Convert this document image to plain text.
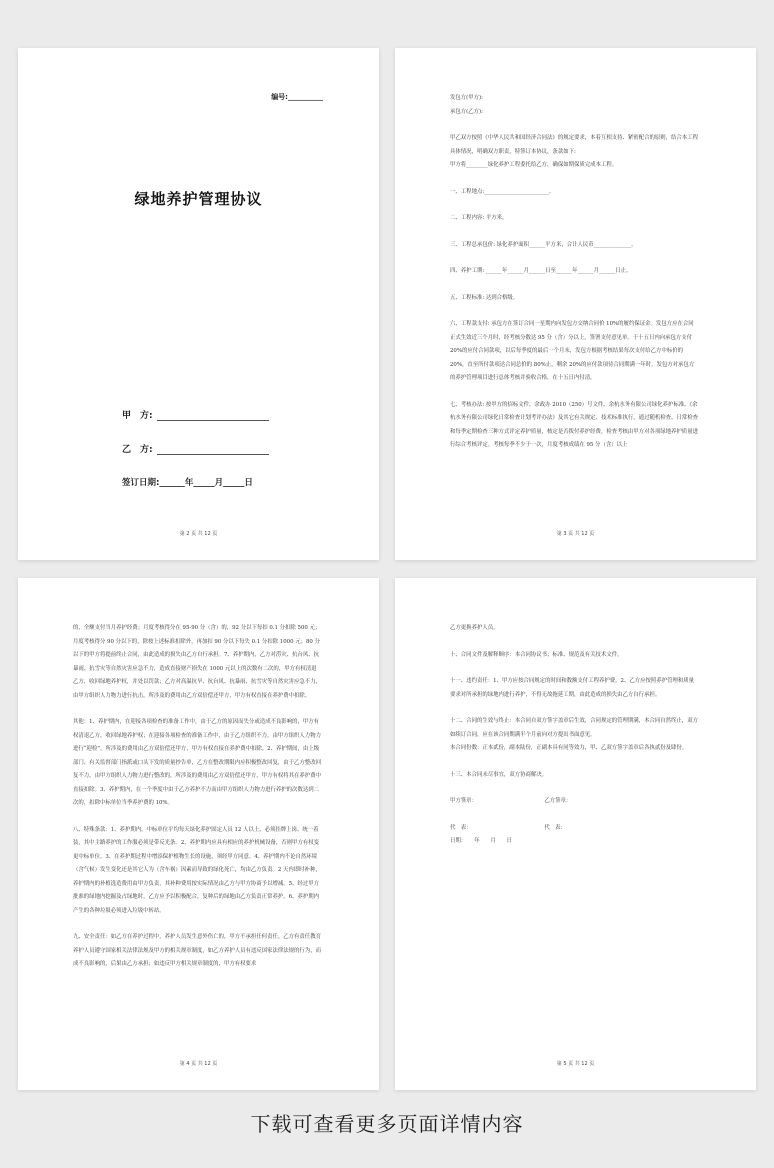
编号:__________
绿地养护管理协议
甲　方:
乙　方:
签订日期:______年_____月_____日
第 2 页 共 12 页

发包方(甲方):

承包方(乙方):

甲乙双方按照《中华人民共和国经济合同法》的规定要求，本着互相支持、紧密配合的原则，结合本工程具体情况，明确双方职责，特签订本协议，条款如下:

甲方将________绿化养护工程委托给乙方，确保如期保质完成本工程。

一、工程地点:________________________。

二、工程内容: 平方米。

三、工程总承包价: 绿化养护面积______平方米，合计人民币______________。

四、养护工期: ______年______月______日至______年______月______日止。

五、工程标准: 达到合格级。

六、工程款支付: 承包方在签订合同一星期内向发包方交纳合同价 10%的履约保证金。发包方应在合同正式生效近三个月时，经考核分数达 95 分（含）分以上，签署支付意见单。于十五日内向承包方支付 20%的应付合同款项，以后每季度的最后一个月末，发包方根据考核结果每次支付给乙方中标价的 20%，直至所付款项达合同总价的 80%止，剩余 20%的应付款项待合同期满一年时，发包方对承包方的养护管理项目进行总体考核并验收合格，在十五日内付清。

七、考核办法: 按甲方的招标文件，余政办 2010（250）号文件、余杭水务有限公司绿化养护标准、《余杭水务有限公司绿化日常检查计划考评办法》及其它有关规定、技术标准执行，通过随机检查、日常检查和每季定期检查三种方式评定养护质量，核定是否拨付养护经费，检查考核由甲方对各项绿地养护质量进行综合考核评定。考核每季不少于一次，月度考核成绩在 95 分（含）以上

第 3 页 共 12 页

的，全额支付当月养护经费；月度考核得分在 95-90 分（含）的，92 分以下每扣 0.1 分扣除 500 元；月度考核得分 90 分以下的，除按上述标准扣除外，再加扣 90 分以下每失 0.1 分扣除 1000 元；80 分以下的甲方将提前终止合同，由此造成的损失由乙方自行承担。7、养护期内，乙方对涝灾、抗台风、抗暴雨、抗雪灾等自然灾害应急不力，造成直接财产损失在 1000 元以上的次数有二次的，甲方有权清退乙方，收回绿地养护权，并处以罚款；乙方对高温抗旱、抗台风、抗暴雨、抗雪灾等自然灾害应急不力，由甲方组织人力物力进行抗击，所涉及的费用由乙方双倍偿还甲方，甲方有权直接在养护费中扣除。

其他：1、养护期内，在迎接各项检查的准备工作中，由于乙方的原因而失分或造成不良影响的，甲方有权清退乙方，收回绿地养护权；在迎接各项检查的准备工作中，由于乙方组织不力，由甲方组织人力物力进行“迎检”，所涉及的费用由乙方双倍偿还甲方，甲方有权直接在养护费中扣除。2、养护期间，由上级部门、有关监督部门指派或口头下发的质量抄告单，乙方在整改期限内应积极整改回复，由于乙方整改回复不力，由甲方组织人力物力进行整改的，所涉及的费用由乙方双倍偿还甲方，甲方有权将其在养护费中直接扣除。3、养护期内，在一个季度中由于乙方养护不力而由甲方组织人力物力进行养护的次数达到二次的，扣除中标单位当季养护费的 10%。

八、特殊条款：1、养护期内，中标单位平均每天绿化养护固定人员 12 人以上，必须挂牌上岗、统一着装，其中主路养护的工作服必须是带反光条。2、养护期内应具有相应的养护机械设备，否则甲方有权变更中标单位。3、在养护期过程中增添保护植物生长的设施，须经甲方同意。4、养护期内不论自然环境（含气候）发生变化还是其它人为（含车祸）因素而导致的绿化死亡，均由乙方负责。2 天内即时补种，养护期内的补植选造费用由甲方负责，其补种费用按实际情况由乙方与甲方协商予以增减。5、经过甲方批准的绿地内挖掘及占绿地时，乙方应予以积极配合，复种后的绿地由乙方负责正常养护。6、养护期内产生的各种垃圾必须进入垃圾中转站。

九、安全责任：如乙方在养护过程中，养护人员发生意外伤亡的，甲方不承担任何责任。乙方有责任教育养护人员遵守国家相关法律法规及甲方的相关规章制度，如乙方养护人员有违反国家法律法规的行为，而成不良影响的，后果由乙方承担；如违反甲方相关规章制度的，甲方有权要求

第 4 页 共 12 页

乙方更换养护人员。

十、合同文件及解释顺序：本合同协议书；标准、规范及有关技术文件。

十一、违约责任：1、甲方应按合同规定的时间和数额支付工程养护费。2、乙方应按照养护管理和质量要求对所承担的绿地内进行养护，不得无故拖延工期，由此造成的损失由乙方自行承担。

十二、合同的生效与终止：本合同自双方签字盖章后生效，合同规定的管理期满，本合同自然终止，双方如续订合同，应在该合同期满半个月前向对方提出书面意见。

本合同份数：正本贰份，副本陆份，正副本具有同等效力，甲、乙双方签字盖章后各执贰份及肆份。

十三、本合同未尽事宜，双方协商解决。

甲方签章：　　　　　　　　　　　　　乙方签章：

代　表：　　　　　　　　　　　　　　代　表：

日期：　　年　　月　　日

第 5 页 共 12 页
下载可查看更多页面详情内容
